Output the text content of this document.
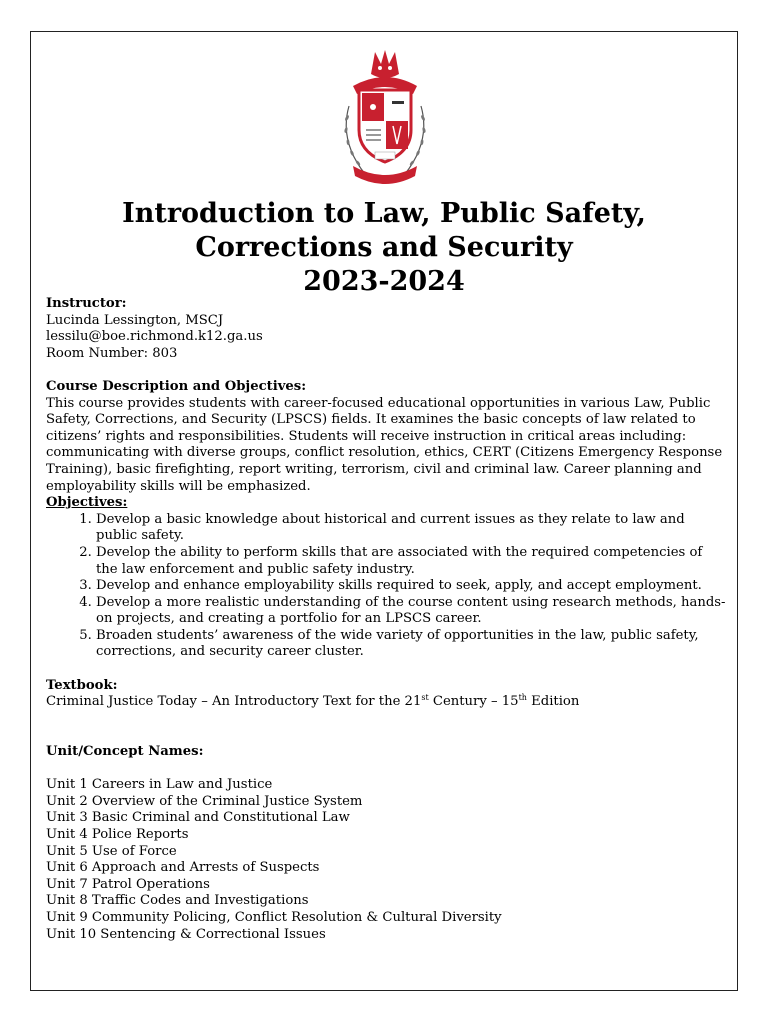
Introduction to Law, Public Safety,
Corrections and Security
2023-2024

Instructor:

Lucinda Lessington, MSCJ

lessilu@boe.richmond.k12.ga.us

Room Number: 803

Course Description and Objectives:

This course provides students with career-focused educational opportunities in various Law, Public Safety, Corrections, and Security (LPSCS) fields. It examines the basic concepts of law related to citizens’ rights and responsibilities. Students will receive instruction in critical areas including: communicating with diverse groups, conflict resolution, ethics, CERT (Citizens Emergency Response Training), basic firefighting, report writing, terrorism, civil and criminal law. Career planning and employability skills will be emphasized.

Objectives:

1. Develop a basic knowledge about historical and current issues as they relate to law and public safety.
2. Develop the ability to perform skills that are associated with the required competencies of the law enforcement and public safety industry.
3. Develop and enhance employability skills required to seek, apply, and accept employment.
4. Develop a more realistic understanding of the course content using research methods, hands-on projects, and creating a portfolio for an LPSCS career.
5. Broaden students’ awareness of the wide variety of opportunities in the law, public safety, corrections, and security career cluster.

Textbook:

Criminal Justice Today – An Introductory Text for the 21st Century – 15th Edition

Unit/Concept Names:

Unit 1 Careers in Law and Justice

Unit 2 Overview of the Criminal Justice System

Unit 3 Basic Criminal and Constitutional Law

Unit 4 Police Reports

Unit 5 Use of Force

Unit 6 Approach and Arrests of Suspects

Unit 7 Patrol Operations

Unit 8 Traffic Codes and Investigations

Unit 9 Community Policing, Conflict Resolution & Cultural Diversity

Unit 10 Sentencing & Correctional Issues
